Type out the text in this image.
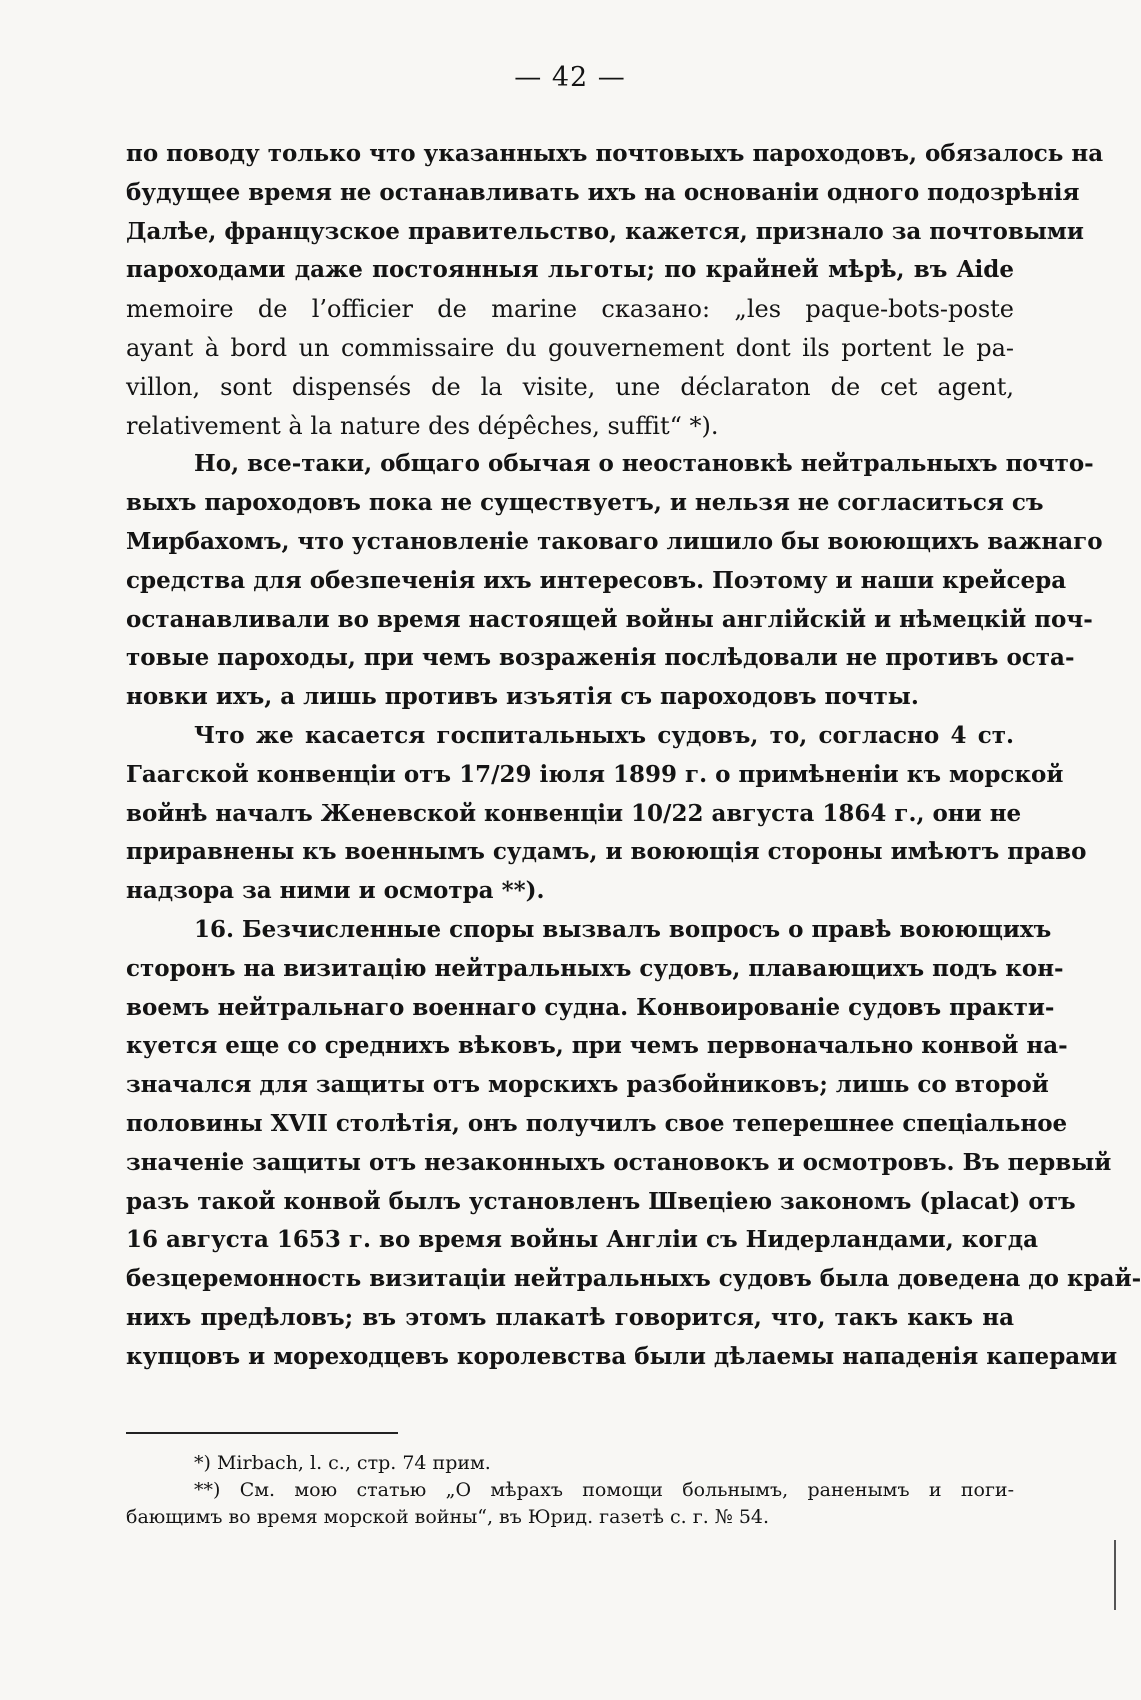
— 42 —
по поводу только что указанныхъ почтовыхъ пароходовъ, обязалось на
будущее время не останавливать ихъ на основаніи одного подозрѣнія
Далѣе, французское правительство, кажется, признало за почтовыми
пароходами даже постоянныя льготы; по крайней мѣрѣ, въ Aide
memoire de l’officier de marine сказано: „les paque-bots-poste
ayant à bord un commissaire du gouvernement dont ils portent le pa-
villon, sont dispensés de la visite, une déclaraton de cet agent,
relativement à la nature des dépêches, suffit“ *).
Но, все-таки, общаго обычая о неостановкѣ нейтральныхъ почто-
выхъ пароходовъ пока не существуетъ, и нельзя не согласиться съ
Мирбахомъ, что установленіе таковаго лишило бы воюющихъ важнаго
средства для обезпеченія ихъ интересовъ. Поэтому и наши крейсера
останавливали во время настоящей войны англійскій и нѣмецкій поч-
товые пароходы, при чемъ возраженія послѣдовали не противъ оста-
новки ихъ, а лишь противъ изъятія съ пароходовъ почты.
Что же касается госпитальныхъ судовъ, то, согласно 4 ст.
Гаагской конвенціи отъ 17/29 іюля 1899 г. о примѣненіи къ морской
войнѣ началъ Женевской конвенціи 10/22 августа 1864 г., они не
приравнены къ военнымъ судамъ, и воюющія стороны имѣютъ право
надзора за ними и осмотра **).
16. Безчисленные споры вызвалъ вопросъ о правѣ воюющихъ
сторонъ на визитацію нейтральныхъ судовъ, плавающихъ подъ кон-
воемъ нейтральнаго военнаго судна. Конвоированіе судовъ практи-
куется еще со среднихъ вѣковъ, при чемъ первоначально конвой на-
значался для защиты отъ морскихъ разбойниковъ; лишь со второй
половины XVII столѣтія, онъ получилъ свое теперешнее спеціальное
значеніе защиты отъ незаконныхъ остановокъ и осмотровъ. Въ первый
разъ такой конвой былъ установленъ Швеціею закономъ (placat) отъ
16 августа 1653 г. во время войны Англіи съ Нидерландами, когда
безцеремонность визитаціи нейтральныхъ судовъ была доведена до край-
нихъ предѣловъ; въ этомъ плакатѣ говорится, что, такъ какъ на
купцовъ и мореходцевъ королевства были дѣлаемы нападенія каперами
*) Mirbach, l. c., стр. 74 прим.
**) См. мою статью „О мѣрахъ помощи больнымъ, раненымъ и поги-
бающимъ во время морской войны“, въ Юрид. газетѣ с. г. № 54.
